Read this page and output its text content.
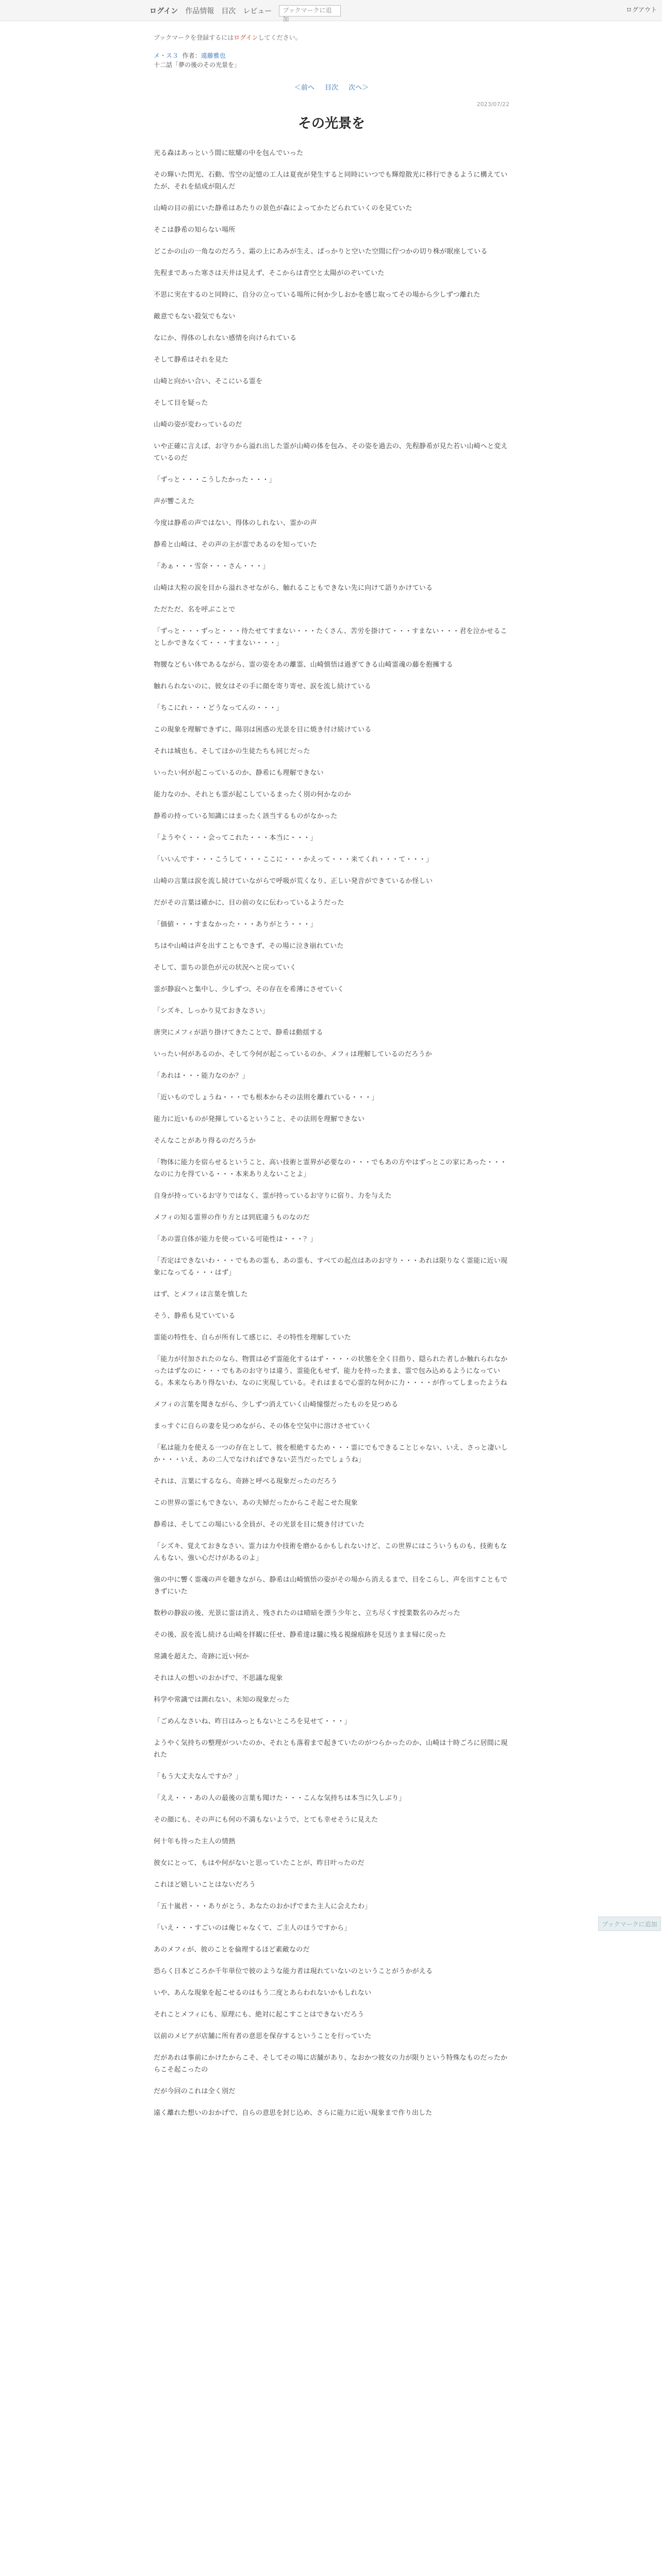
ログイン 作品情報 目次 レビュー	ブックマークに追加
ログアウト

ブックマークを登録するにはログインしてください。

メ・ス３ 作者：遠藤雅也
十二話「夢の後のその光景を」
＜前へ 目次 次へ＞
2023/07/22
その光景を

光る森はあっという間に眩耀の中を包んでいった

その輝いた閃光、石動、雪空の記憶の工人は夏夜が発生すると同時にいつでも輝煌散光に移行できるように構えていたが、それを結成が阻んだ

山崎の目の前にいた静希はあたりの景色が森によってかたどられていくのを見ていた

そこは静希の知らない場所

どこかの山の一角なのだろう、霜の上にあみが生え、ぱっかりと空いた空間に佇つかの切り株が眠座している

先程まであった寒さは天井は見えず、そこからは青空と太陽がのぞいていた

不思に実在するのと同時に、自分の立っている場所に何か少しおかを感じ取ってその場から少しずつ離れた

敵意でもない殺気でもない

なにか、得体のしれない感情を向けられている

そして静希はそれを見た

山崎と向かい合い、そこにいる霊を

そして目を疑った

山崎の姿が変わっているのだ

いや正確に言えば、お守りから溢れ出した霊が山崎の体を包み、その姿を過去の、先程静希が見た若い山崎へと変えているのだ

「ずっと・・・こうしたかった・・・」

声が響こえた

今度は静希の声ではない、得体のしれない、霊かの声

静希と山崎は、その声の主が霊であるのを知っていた

「あぁ・・・雪奈・・・さん・・・」

山崎は大粒の涙を目から溢れさせながら、触れることもできない先に向けて語りかけている

ただただ、名を呼ぶことで

「ずっと・・・ずっと・・・待たせてすまない・・・たくさん、苦労を掛けて・・・すまない・・・君を泣かせることしかできなくて・・・すまない・・・」

物腰などもい体であるながら、霊の姿をあの離霊、山崎慎悟は過ぎてきる山崎霊魂の藤を抱擁する

触れられないのに、彼女はその手に顔を寄り寄せ、涙を流し続けている

「ちこにれ・・・どうなってんの・・・」

この現象を理解できずに、陽羽は困惑の光景を目に焼き付け続けている

それは城也も、そしてほかの生徒たちも同じだった

いったい何が起こっているのか、静希にも理解できない

能力なのか、それとも霊が起こしているまったく別の何かなのか

静希の持っている知識にはまったく該当するものがなかった

「ようやく・・・会ってこれた・・・本当に・・・」

「いいんです・・・こうして・・・ここに・・・かえって・・・来てくれ・・・て・・・」

山崎の言葉は涙を流し続けていながらで呼吸が荒くなり、正しい発音ができているか怪しい

だがその言葉は確かに、目の前の女に伝わっているようだった

「価値・・・すまなかった・・・ありがとう・・・」

ちはや山崎は声を出すこともできず、その場に泣き崩れていた

そして、霊ちの景色が元の状況へと戻っていく

霊が静寂へと集中し、少しずつ、その存在を希薄にさせていく

「シズキ、しっかり見ておきなさい」

唐突にメフィが語り掛けてきたことで、静希は動揺する

いったい何があるのか、そして今何が起こっているのか、メフィは理解しているのだろうか

「あれは・・・能力なのか？」

「近いものでしょうね・・・でも根本からその法則を離れている・・・」

能力に近いものが発揮しているということ、その法則を理解できない

そんなことがあり得るのだろうか

「物体に能力を宿らせるということ、高い技術と霊界が必要なの・・・でもあの方やはずっとこの家にあった・・・なのに力を得ている・・・本来ありえないことよ」

自身が持っているお守りではなく、霊が持っているお守りに宿り、力を与えた

メフィの知る霊界の作り方とは到底違うものなのだ

「あの霊自体が能力を使っている可能性は・・・？」

「否定はできないわ・・・でもあの霊も、あの霊も、すべての起点はあのお守り・・・あれは限りなく霊能に近い現象になってる・・・はず」

はず、とメフィは言葉を慎した

そう、静希も見ていている

霊能の特性を、自らが所有して感じに、その特性を理解していた

「能力が付加されたのなら、物質は必ず霊能化するはず・・・・の状態を全く目指り、隠られた者しか触れられなかったはずなのに・・・でもあのお守りは違う、霊能化もせず、能力を持ったまま、霊で包み込めるようになっている。本来ならあり得ないわ、なのに実現している。それはまるで心霊的な何かに力・・・・が作ってしまったようね

メフィの言葉を聞きながら、少しずつ消えていく山崎憧憬だったものを見つめる

まっすぐに自らの妻を見つめながら、その体を空気中に溶けさせていく

「私は能力を使える一つの存在として、彼を根絶するため・・・霊にでもできることじゃない、いえ、さっと凄いしか・・・いえ、あの二人でなければできない芸当だったでしょうね」

それは、言葉にするなら、奇跡と呼べる現象だったのだろう

この世界の霊にもできない、あの夫婦だったからこそ起こせた現象

静希は、そしてこの場にいる全員が、その光景を目に焼き付けていた

「シズキ、覚えておきなさい、霊力は力や技術を磨かるかもしれないけど、この世界にはこういうものも、技術もなんもない、強い心だけがあるのよ」

強の中に響く霊魂の声を聴きながら、静希は山崎慎悟の姿がその場から消えるまで、目をこらし、声を出すこともできずにいた

数秒の静寂の後、光景に霊は消え、残されたのは晴暗を漂う少年と、立ち尽くす授業数名のみだった

その後、涙を流し続ける山崎を拝観に任せ、静希達は朧に残る視線痕跡を見送りまま帰に戻った

常識を超えた、奇跡に近い何か

それは人の想いのおかげで、不思議な現象

科学や常識では測れない、未知の現象だった

「ごめんなさいね、昨日はみっともないところを見せて・・・」

ようやく気持ちの整理がついたのか、それとも落着まで起きていたのがつらかったのか、山崎は十時ごろに居間に現れた

「もう大丈夫なんですか？」

「ええ・・・あの人の最後の言葉も聞けた・・・こんな気持ちは本当に久しぶり」

その顔にも、その声にも何の不満もないようで、とても幸せそうに見えた

何十年も待った主人の情熱

彼女にとって、もはや何がないと思っていたことが、昨日叶ったのだ

これほど嬉しいことはないだろう

「五十嵐君・・・ありがとう、あなたのおかげでまた主人に会えたわ」

「いえ・・・すごいのは俺じゃなくて、ご主人のほうですから」

あのメフィが、彼のことを倫理するほど素敵なのだ

恐らく日本どころか千年単位で彼のような能力者は現れていないのということがうかがえる

いや、あんな現象を起こせるのはもう二度とあらわれないかもしれない

それことメフィにも、原理にも、絶対に起こすことはできないだろう

以前のメビアが店舗に所有者の意思を保存するということを行っていた

だがあれは事前にかけたからこそ、そしてその場に店舗があり、なおかつ彼女の力が限りという特殊なものだったからこそ起こったの

だが今回のこれは全く別だ

遠く離れた想いのおかげで、自らの意思を封じ込め、さらに能力に近い現象まで作り出した

ブックマークに追加
